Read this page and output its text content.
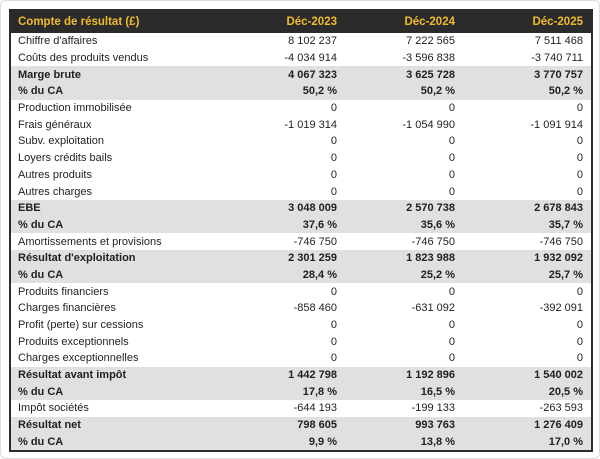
Compte de résultat (£)	Déc-2023	Déc-2024	Déc-2025
Chiffre d'affaires	8 102 237	7 222 565	7 511 468
Coûts des produits vendus	-4 034 914	-3 596 838	-3 740 711
Marge brute	4 067 323	3 625 728	3 770 757
% du CA	50,2 %	50,2 %	50,2 %
Production immobilisée	0	0	0
Frais généraux	-1 019 314	-1 054 990	-1 091 914
Subv. exploitation	0	0	0
Loyers crédits bails	0	0	0
Autres produits	0	0	0
Autres charges	0	0	0
EBE	3 048 009	2 570 738	2 678 843
% du CA	37,6 %	35,6 %	35,7 %
Amortissements et provisions	-746 750	-746 750	-746 750
Résultat d'exploitation	2 301 259	1 823 988	1 932 092
% du CA	28,4 %	25,2 %	25,7 %
Produits financiers	0	0	0
Charges financières	-858 460	-631 092	-392 091
Profit (perte) sur cessions	0	0	0
Produits exceptionnels	0	0	0
Charges exceptionnelles	0	0	0
Résultat avant impôt	1 442 798	1 192 896	1 540 002
% du CA	17,8 %	16,5 %	20,5 %
Impôt sociétés	-644 193	-199 133	-263 593
Résultat net	798 605	993 763	1 276 409
% du CA	9,9 %	13,8 %	17,0 %
